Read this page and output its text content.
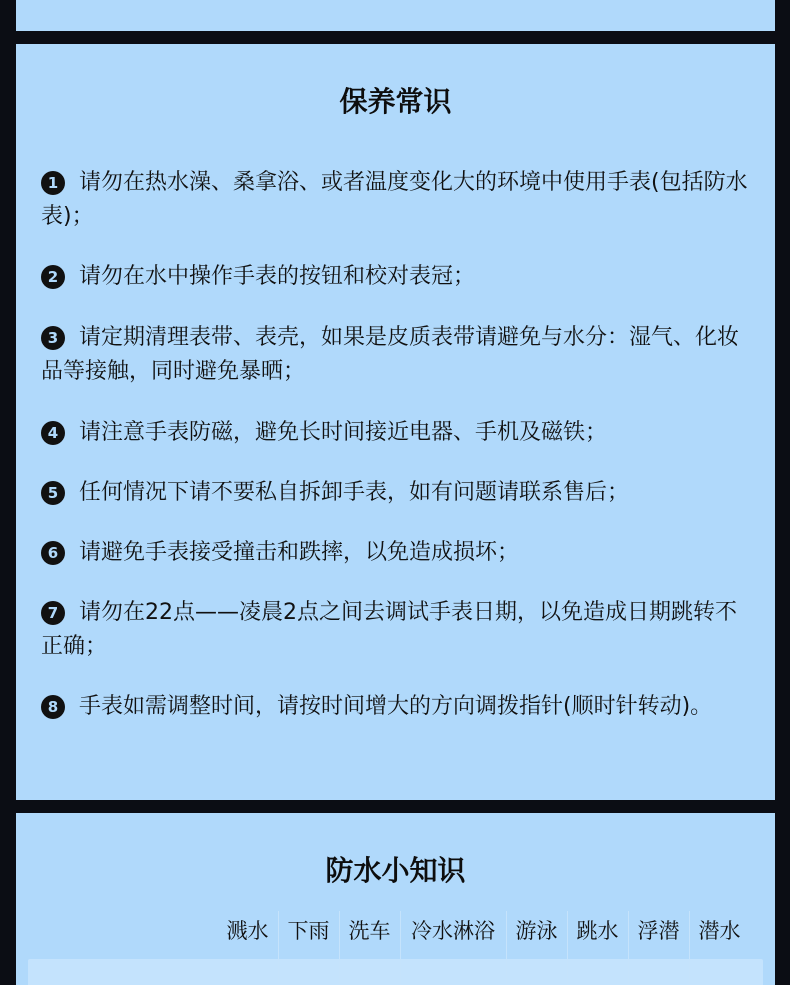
保养常识

1 请勿在热水澡、桑拿浴、或者温度变化大的环境中使用手表(包括防水表)；

2 请勿在水中操作手表的按钮和校对表冠；

3 请定期清理表带、表壳，如果是皮质表带请避免与水分：湿气、化妆品等接触，同时避免暴晒；

4 请注意手表防磁，避免长时间接近电器、手机及磁铁；

5 任何情况下请不要私自拆卸手表，如有问题请联系售后；

6 请避免手表接受撞击和跌摔，以免造成损坏；

7 请勿在22点——凌晨2点之间去调试手表日期，以免造成日期跳转不正确；

8 手表如需调整时间，请按时间增大的方向调拨指针(顺时针转动)。

防水小知识
溅水 下雨 洗车 冷水淋浴 游泳 跳水 浮潜 潜水
